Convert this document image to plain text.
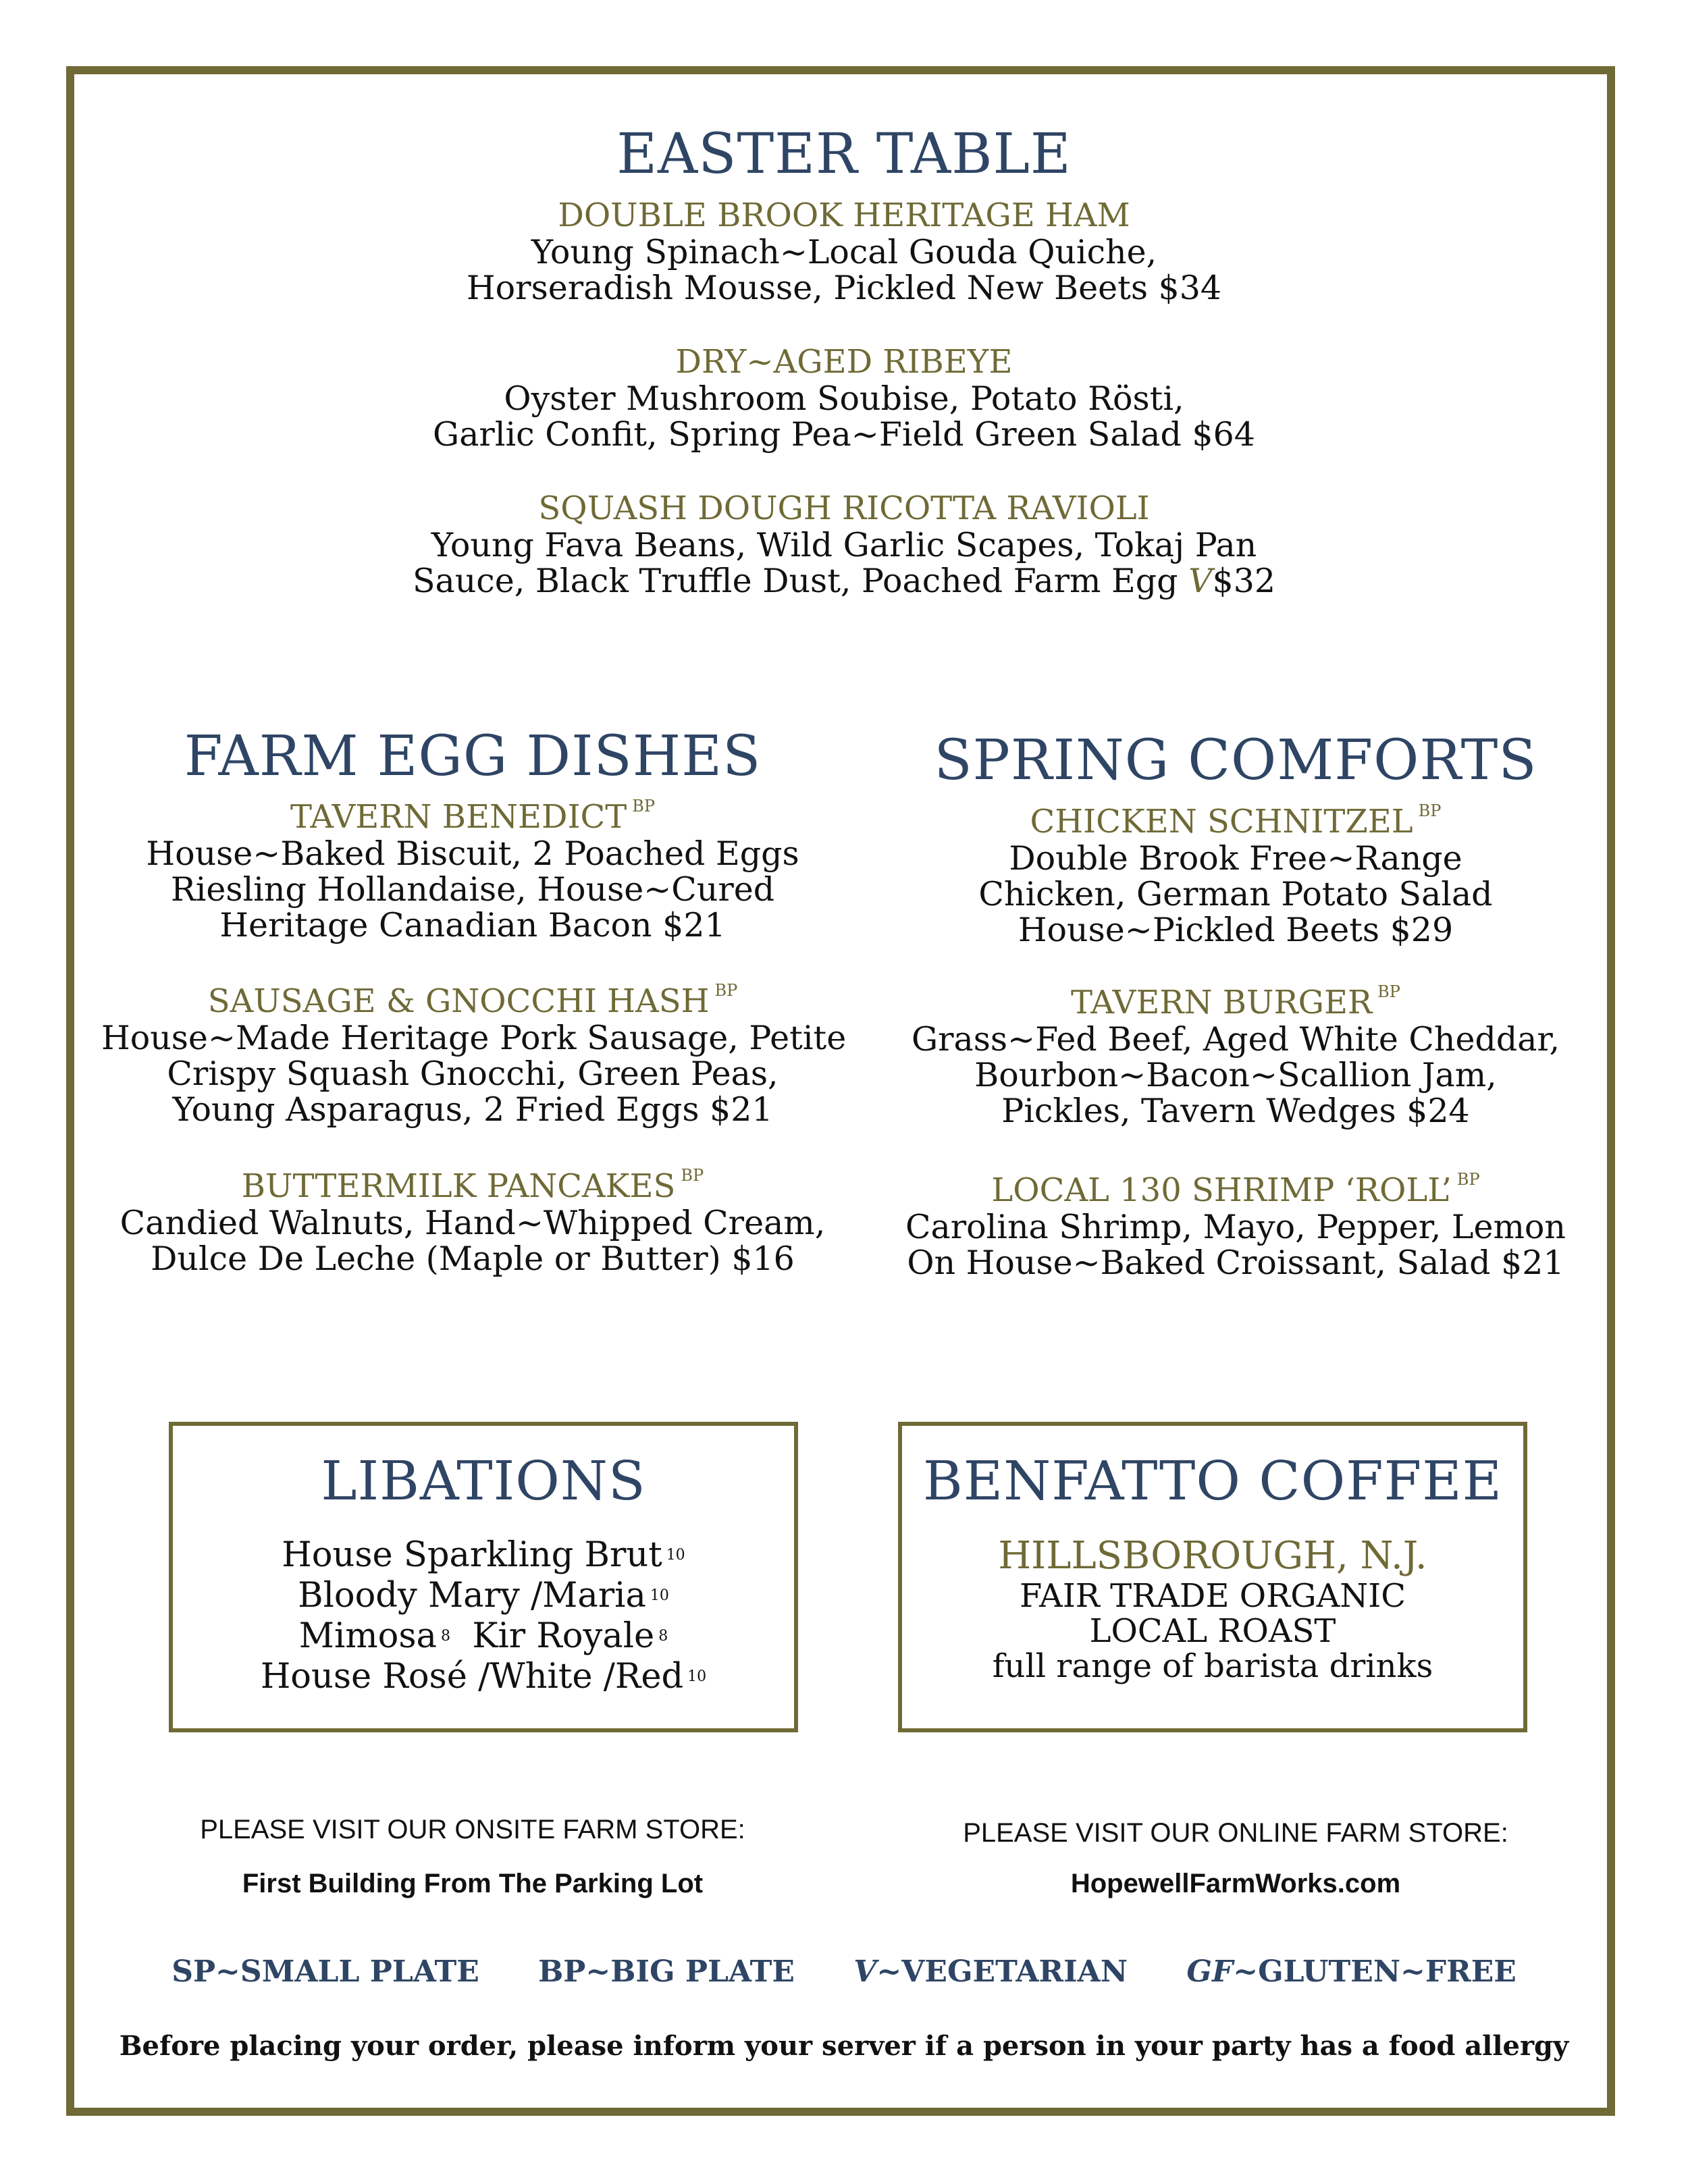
EASTER TABLE
DOUBLE BROOK HERITAGE HAM
Young Spinach~Local Gouda Quiche,
Horseradish Mousse, Pickled New Beets $34
DRY~AGED RIBEYE
Oyster Mushroom Soubise, Potato Rösti,
Garlic Confit, Spring Pea~Field Green Salad $64
SQUASH DOUGH RICOTTA RAVIOLI
Young Fava Beans, Wild Garlic Scapes, Tokaj Pan
Sauce, Black Truffle Dust, Poached Farm Egg V$32
FARM EGG DISHES
TAVERN BENEDICT $^{BP}$
House~Baked Biscuit, 2 Poached Eggs
Riesling Hollandaise, House~Cured
Heritage Canadian Bacon $21
SAUSAGE & GNOCCHI HASH $^{BP}$
House~Made Heritage Pork Sausage, Petite
Crispy Squash Gnocchi, Green Peas,
Young Asparagus, 2 Fried Eggs $21
BUTTERMILK PANCAKES $^{BP}$
Candied Walnuts, Hand~Whipped Cream,
Dulce De Leche (Maple or Butter) $16
SPRING COMFORTS
CHICKEN SCHNITZEL $^{BP}$
Double Brook Free~Range
Chicken, German Potato Salad
House~Pickled Beets $29
TAVERN BURGER $^{BP}$
Grass~Fed Beef, Aged White Cheddar,
Bourbon~Bacon~Scallion Jam,
Pickles, Tavern Wedges $24
LOCAL 130 SHRIMP ‘ROLL’ $^{BP}$
Carolina Shrimp, Mayo, Pepper, Lemon
On House~Baked Croissant, Salad $21
LIBATIONS
House Sparkling Brut $^{10}$
Bloody Mary /Maria $^{10}$
Mimosa $^8$ Kir Royale $^8$
House Rosé /White /Red $^{10}$
BENFATTO COFFEE
HILLSBOROUGH, N.J.
FAIR TRADE ORGANIC
LOCAL ROAST
full range of barista drinks
PLEASE VISIT OUR ONSITE FARM STORE:
First Building From The Parking Lot
PLEASE VISIT OUR ONLINE FARM STORE:
HopewellFarmWorks.com
SP~SMALL PLATE BP~BIG PLATE V~VEGETARIAN GF~GLUTEN~FREE
Before placing your order, please inform your server if a person in your party has a food allergy
